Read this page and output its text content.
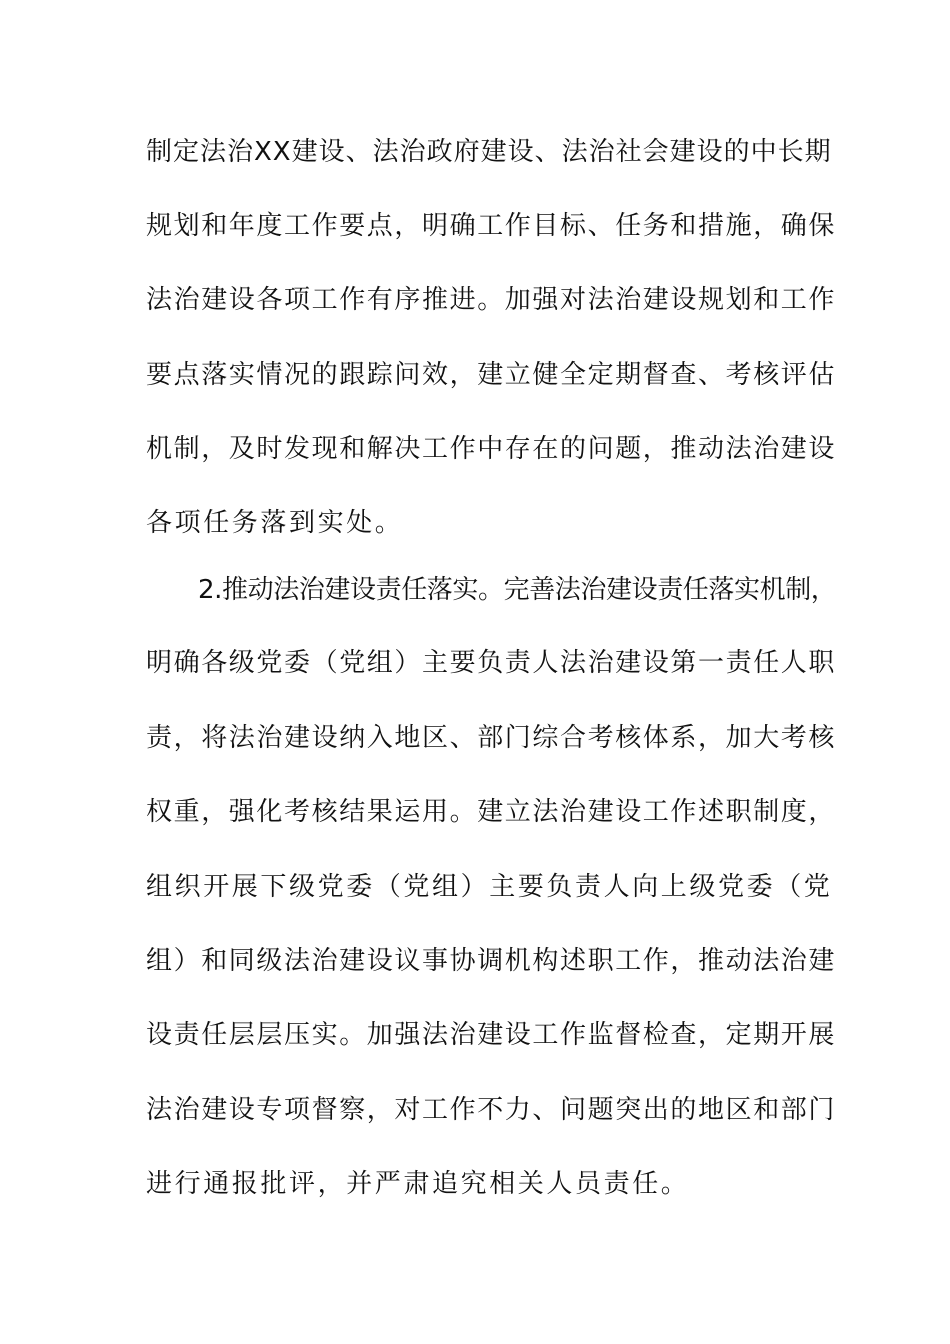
制定法治XX建设、法治政府建设、法治社会建设的中长期
规划和年度工作要点，明确工作目标、任务和措施，确保
法治建设各项工作有序推进。加强对法治建设规划和工作
要点落实情况的跟踪问效，建立健全定期督查、考核评估
机制，及时发现和解决工作中存在的问题，推动法治建设
各项任务落到实处。
2.推动法治建设责任落实。完善法治建设责任落实机制，
明确各级党委（党组）主要负责人法治建设第一责任人职
责，将法治建设纳入地区、部门综合考核体系，加大考核
权重，强化考核结果运用。建立法治建设工作述职制度，
组织开展下级党委（党组）主要负责人向上级党委（党
组）和同级法治建设议事协调机构述职工作，推动法治建
设责任层层压实。加强法治建设工作监督检查，定期开展
法治建设专项督察，对工作不力、问题突出的地区和部门
进行通报批评，并严肃追究相关人员责任。
